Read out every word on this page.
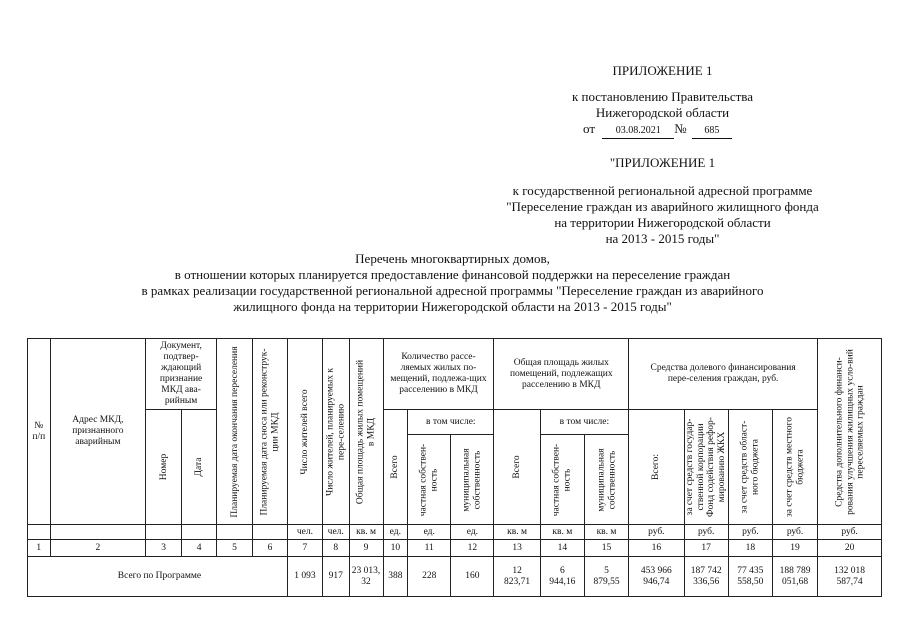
ПРИЛОЖЕНИЕ 1
к постановлению Правительства
Нижегородской области
от 03.08.2021 № 685
"ПРИЛОЖЕНИЕ 1
к государственной региональной адресной программе
"Переселение граждан из аварийного жилищного фонда
на территории Нижегородской области
на 2013 - 2015 годы"
Перечень многоквартирных домов,
в отношении которых планируется предоставление финансовой поддержки на переселение граждан
в рамках реализации государственной региональной адресной программы "Переселение граждан из аварийного
жилищного фонда на территории Нижегородской области на 2013 - 2015 годы"
№ п/п	Адрес МКД, признанного аварийным	Документ, подтвер-ждающий признание МКД ава-рийным		Планируемая дата окончания переселения	Планируемая дата сноса или реконструк-ции МКД	Число жителей всего	Число жителей, планируемых к пере-селению	Общая площадь жилых помещений в МКД	Количество рассе-ляемых жилых по-мещений, подлежа-щих расселению в МКД			Общая площадь жилых помещений, подлежащих расселению в МКД			Средства долевого финансирования пере-селения граждан, руб.				Средства дополнительного финанси-рования улучшения жилищных усло-вий переселяемых граждан

		Номер	Дата						Всего	в том числе:		Всего	в том числе:		Всего:	за счет средств государ-ственной корпорации Фонд содействия рефор-мированию ЖКХ	за счет средств област-ного бюджета	за счет средств местного бюджета	

										частная собствен-ность	муниципальная собственность		частная собствен-ность	муниципальная собственность					

						чел.	чел.	кв. м	ед.	ед.	ед.	кв. м	кв. м	кв. м	руб.	руб.	руб.	руб.	руб.
1	2	3	4	5	6	7	8	9	10	11	12	13	14	15	16	17	18	19	20
Всего по Программе						1 093	917	23 013,32	388	228	160	12 823,71	6 944,16	5 879,55	453 966 946,74	187 742 336,56	77 435 558,50	188 789 051,68	132 018 587,74
